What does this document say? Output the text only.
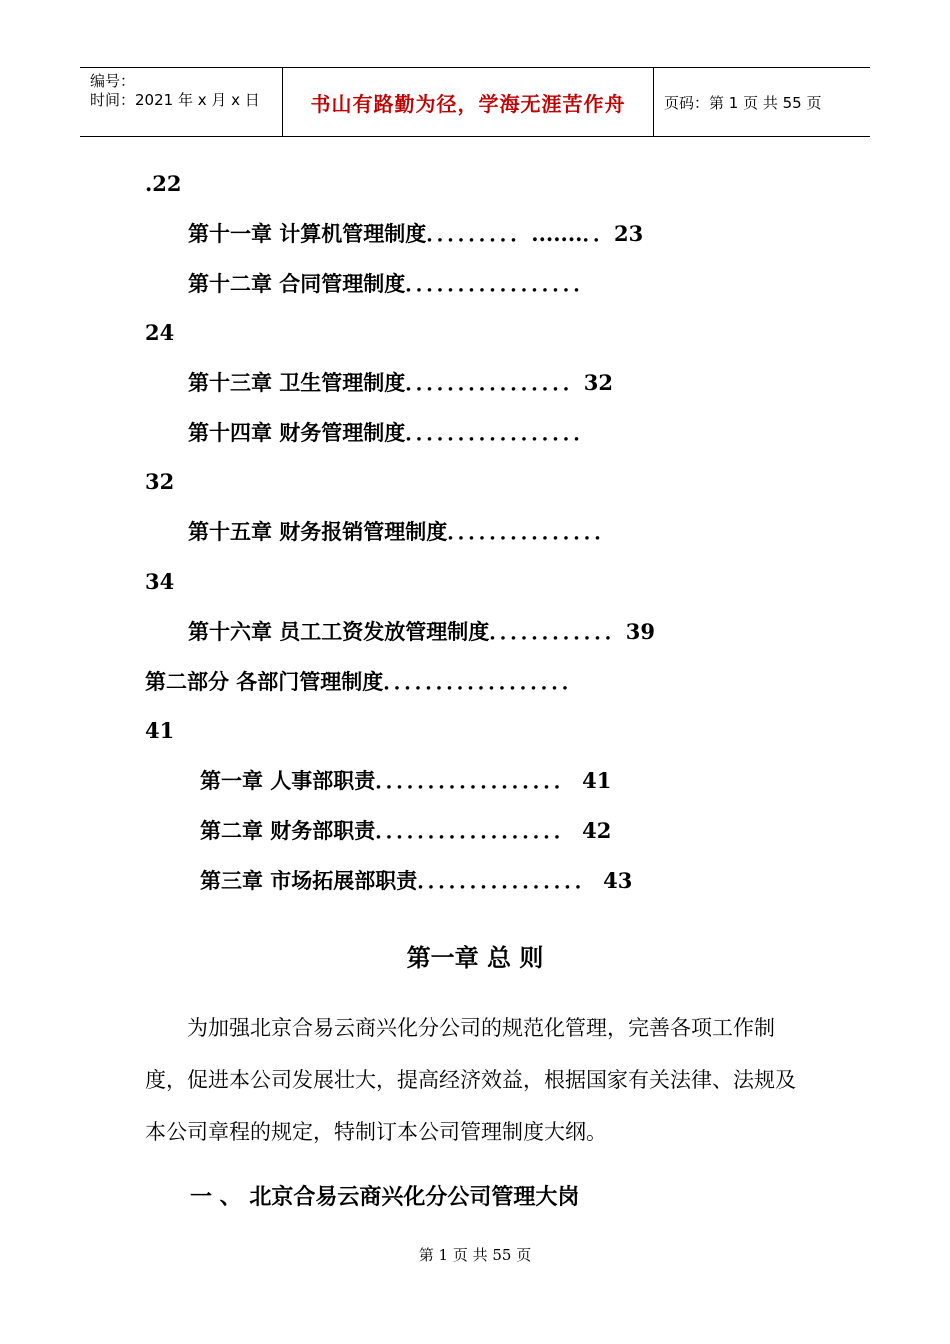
编号：
时间：2021 年 x 月 x 日	书山有路勤为径，学海无涯苦作舟	页码：第 1 页 共 55 页
.22
第十一章 计算机管理制度．．．．．．．．．.......．．23
第十二章 合同管理制度．．．．．．．．．．．．．．．．．
24
第十三章 卫生管理制度．．．．．．．．．．．．．．．．32
第十四章 财务管理制度．．．．．．．．．．．．．．．．．
32
第十五章 财务报销管理制度．．．．．．．．．．．．．．．
34
第十六章 员工工资发放管理制度．．．．．．．．．．．．39
第二部分 各部门管理制度．．．．．．．．．．．．．．．．．．
41
第一章 人事部职责．．．．．．．．．．．．．．．．．． 41
第二章 财务部职责．．．．．．．．．．．．．．．．．． 42
第三章 市场拓展部职责．．．．．．．．．．．．．．．． 43
第一章 总 则
为加强北京合易云商兴化分公司的规范化管理，完善各项工作制度，促进本公司发展壮大，提高经济效益，根据国家有关法律、法规及本公司章程的规定，特制订本公司管理制度大纲。
一 、 北京合易云商兴化分公司管理大岗
第 1 页 共 55 页
